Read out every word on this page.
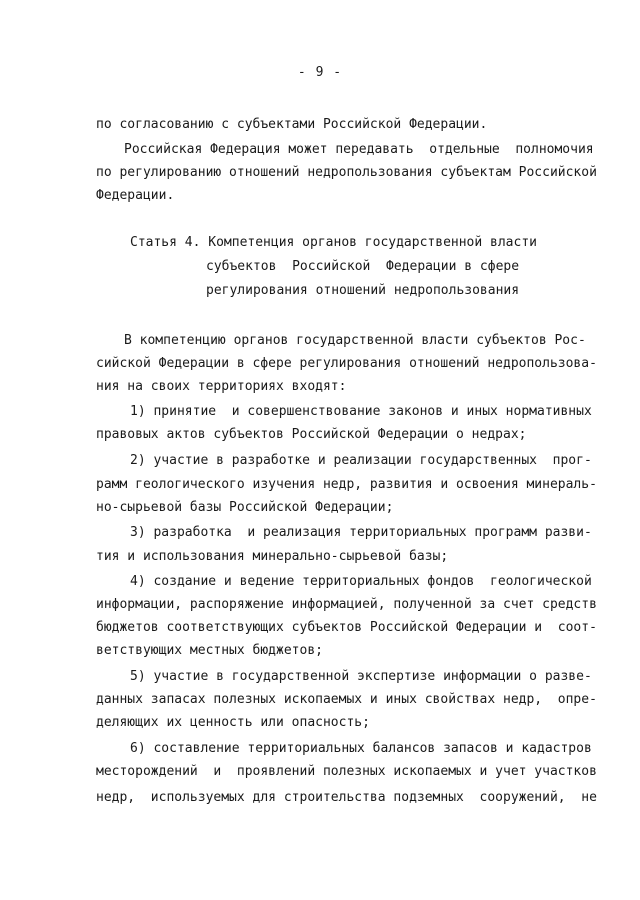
- 9 -
по согласованию с субъектами Российской Федерации.
Российская Федерация может передавать  отдельные  полномочия
по регулированию отношений недропользования субъектам Российской
Федерации.
Статья 4. Компетенция органов государственной власти
субъектов  Российской  Федерации в сфере
регулирования отношений недропользования
В компетенцию органов государственной власти субъектов Рос-
сийской Федерации в сфере регулирования отношений недропользова-
ния на своих территориях входят:
1) принятие  и совершенствование законов и иных нормативных
правовых актов субъектов Российской Федерации о недрах;
2) участие в разработке и реализации государственных  прог-
рамм геологического изучения недр, развития и освоения минераль-
но-сырьевой базы Российской Федерации;
3) разработка  и реализация территориальных программ разви-
тия и использования минерально-сырьевой базы;
4) создание и ведение территориальных фондов  геологической
информации, распоряжение информацией, полученной за счет средств
бюджетов соответствующих субъектов Российской Федерации и  соот-
ветствующих местных бюджетов;
5) участие в государственной экспертизе информации о разве-
данных запасах полезных ископаемых и иных свойствах недр,  опре-
деляющих их ценность или опасность;
6) составление территориальных балансов запасов и кадастров
месторождений  и  проявлений полезных ископаемых и учет участков
недр,  используемых для строительства подземных  сооружений,  не
